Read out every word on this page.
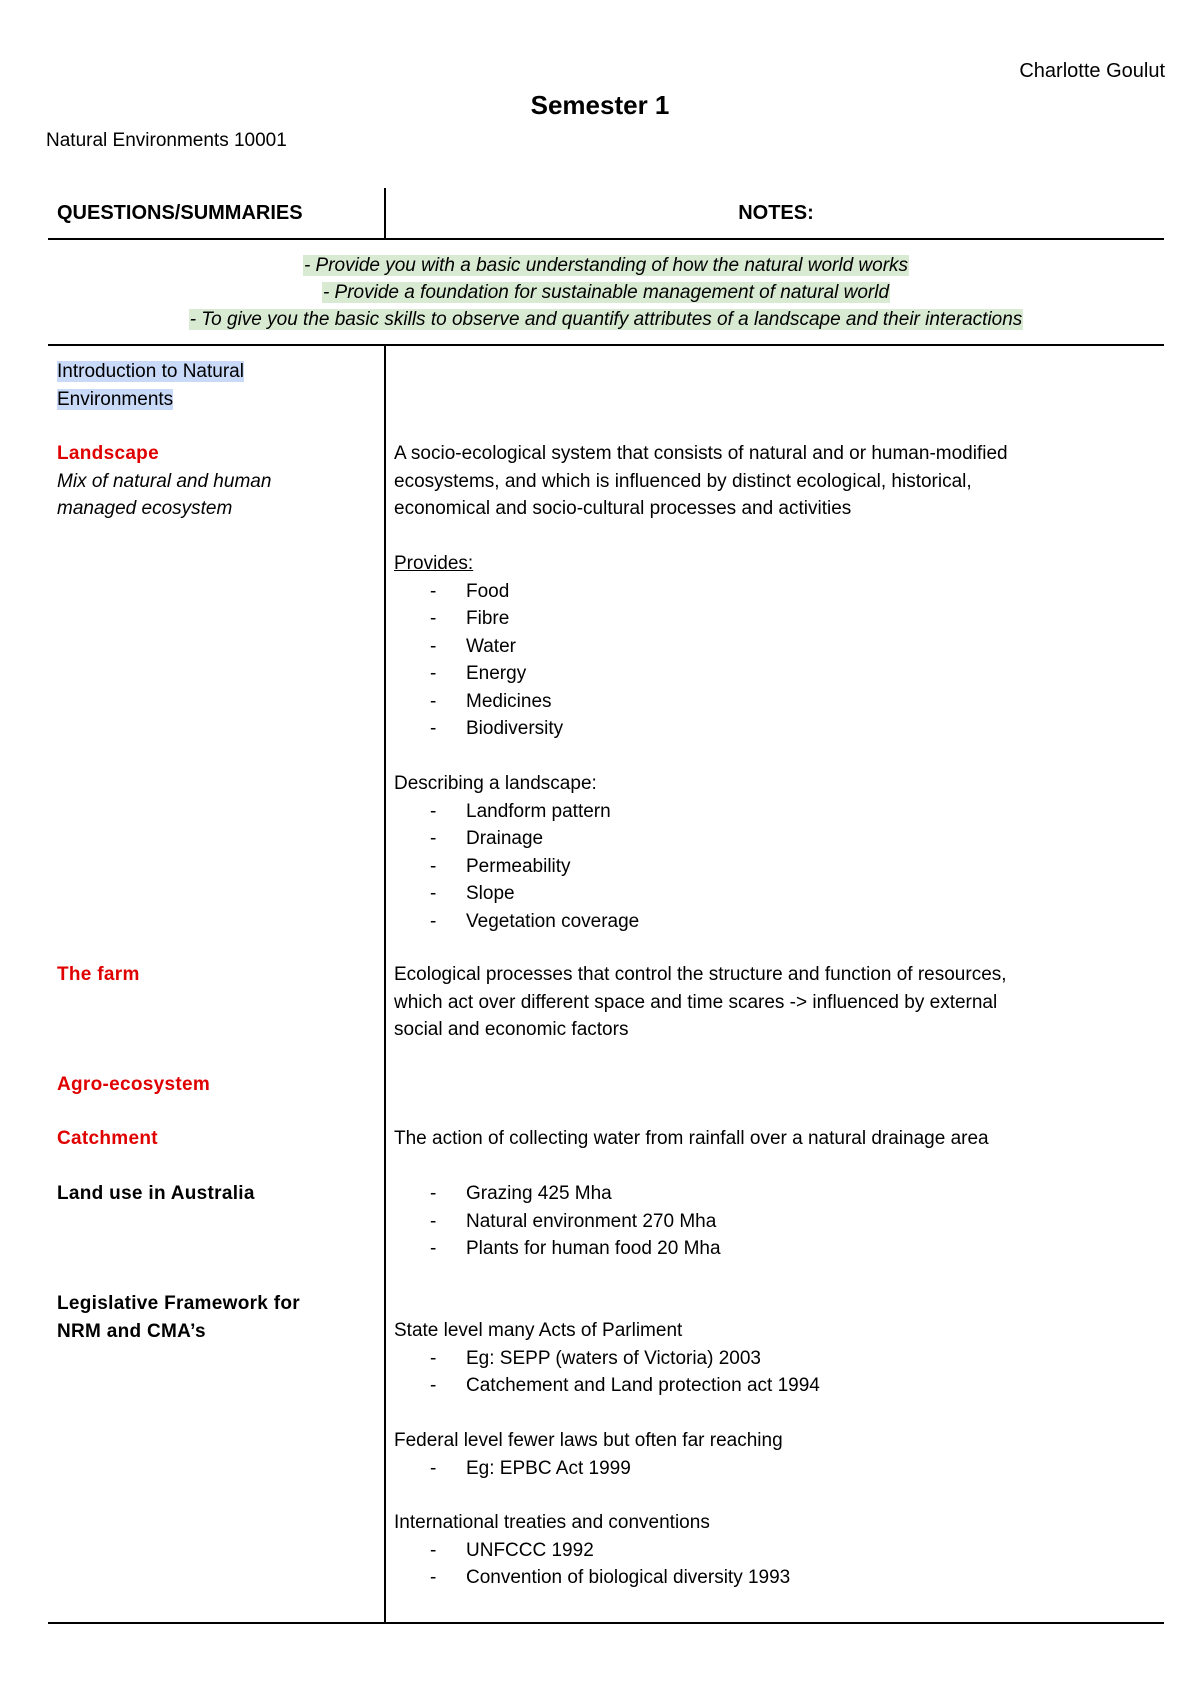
Charlotte Goulut
Semester 1
Natural Environments 10001
QUESTIONS/SUMMARIES	NOTES:
- Provide you with a basic understanding of how the natural world works
- Provide a foundation for sustainable management of natural world
- To give you the basic skills to observe and quantify attributes of a landscape and their interactions
Introduction to Natural
Environments
Landscape
Mix of natural and human
managed ecosystem
The farm
Agro-ecosystem
Catchment
Land use in Australia
Legislative Framework for
NRM and CMA’s
A socio-ecological system that consists of natural and or human-modified
ecosystems, and which is influenced by distinct ecological, historical,
economical and socio-cultural processes and activities
Provides:
- Food
- Fibre
- Water
- Energy
- Medicines
- Biodiversity
Describing a landscape:
- Landform pattern
- Drainage
- Permeability
- Slope
- Vegetation coverage
Ecological processes that control the structure and function of resources,
which act over different space and time scares -> influenced by external
social and economic factors
The action of collecting water from rainfall over a natural drainage area
- Grazing 425 Mha
- Natural environment 270 Mha
- Plants for human food 20 Mha
State level many Acts of Parliment
- Eg: SEPP (waters of Victoria) 2003
- Catchement and Land protection act 1994
Federal level fewer laws but often far reaching
- Eg: EPBC Act 1999
International treaties and conventions
- UNFCCC 1992
- Convention of biological diversity 1993
